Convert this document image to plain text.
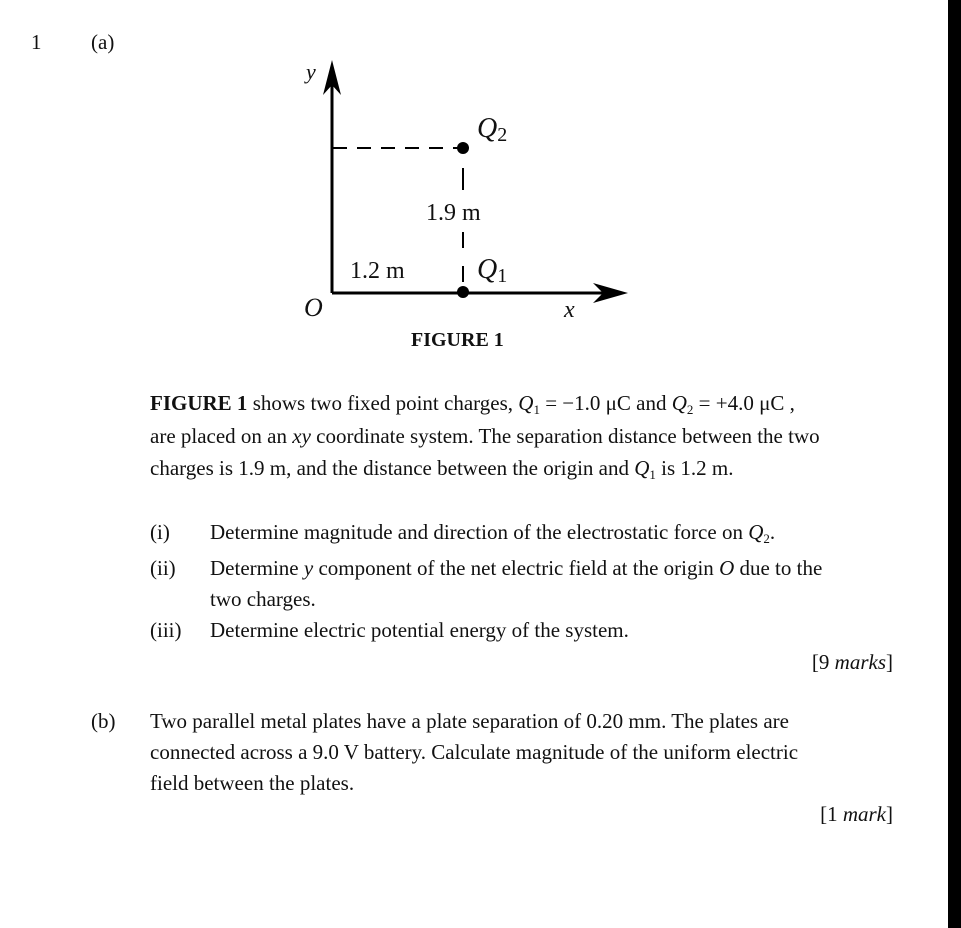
1 (a)
y
$Q_2$
1.9 m
1.2 m	$Q_1$
O	x
FIGURE 1
FIGURE 1 shows two fixed point charges, $Q_1 = -1.0$ μC and $Q_2 = +4.0$ μC ,
are placed on an xy coordinate system. The separation distance between the two
charges is 1.9 m, and the distance between the origin and $Q_1$ is 1.2 m.
(i) Determine magnitude and direction of the electrostatic force on $Q_2$.
(ii) Determine y component of the net electric field at the origin O due to the
two charges.
(iii) Determine electric potential energy of the system.
[9 marks]
(b) Two parallel metal plates have a plate separation of 0.20 mm. The plates are
connected across a 9.0 V battery. Calculate magnitude of the uniform electric
field between the plates.
[1 mark]
